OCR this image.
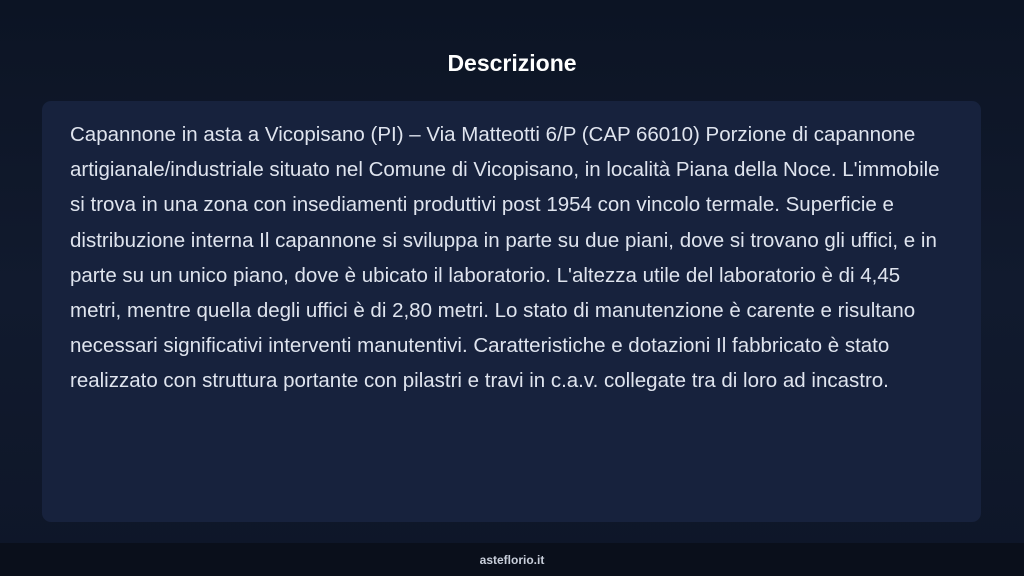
Descrizione

Capannone in asta a Vicopisano (PI) – Via Matteotti 6/P (CAP 66010) Porzione di capannone artigianale/industriale situato nel Comune di Vicopisano, in località Piana della Noce. L'immobile si trova in una zona con insediamenti produttivi post 1954 con vincolo termale. Superficie e distribuzione interna Il capannone si sviluppa in parte su due piani, dove si trovano gli uffici, e in parte su un unico piano, dove è ubicato il laboratorio. L'altezza utile del laboratorio è di 4,45 metri, mentre quella degli uffici è di 2,80 metri. Lo stato di manutenzione è carente e risultano necessari significativi interventi manutentivi. Caratteristiche e dotazioni Il fabbricato è stato realizzato con struttura portante con pilastri e travi in c.a.v. collegate tra di loro ad incastro.

asteflorio.it
